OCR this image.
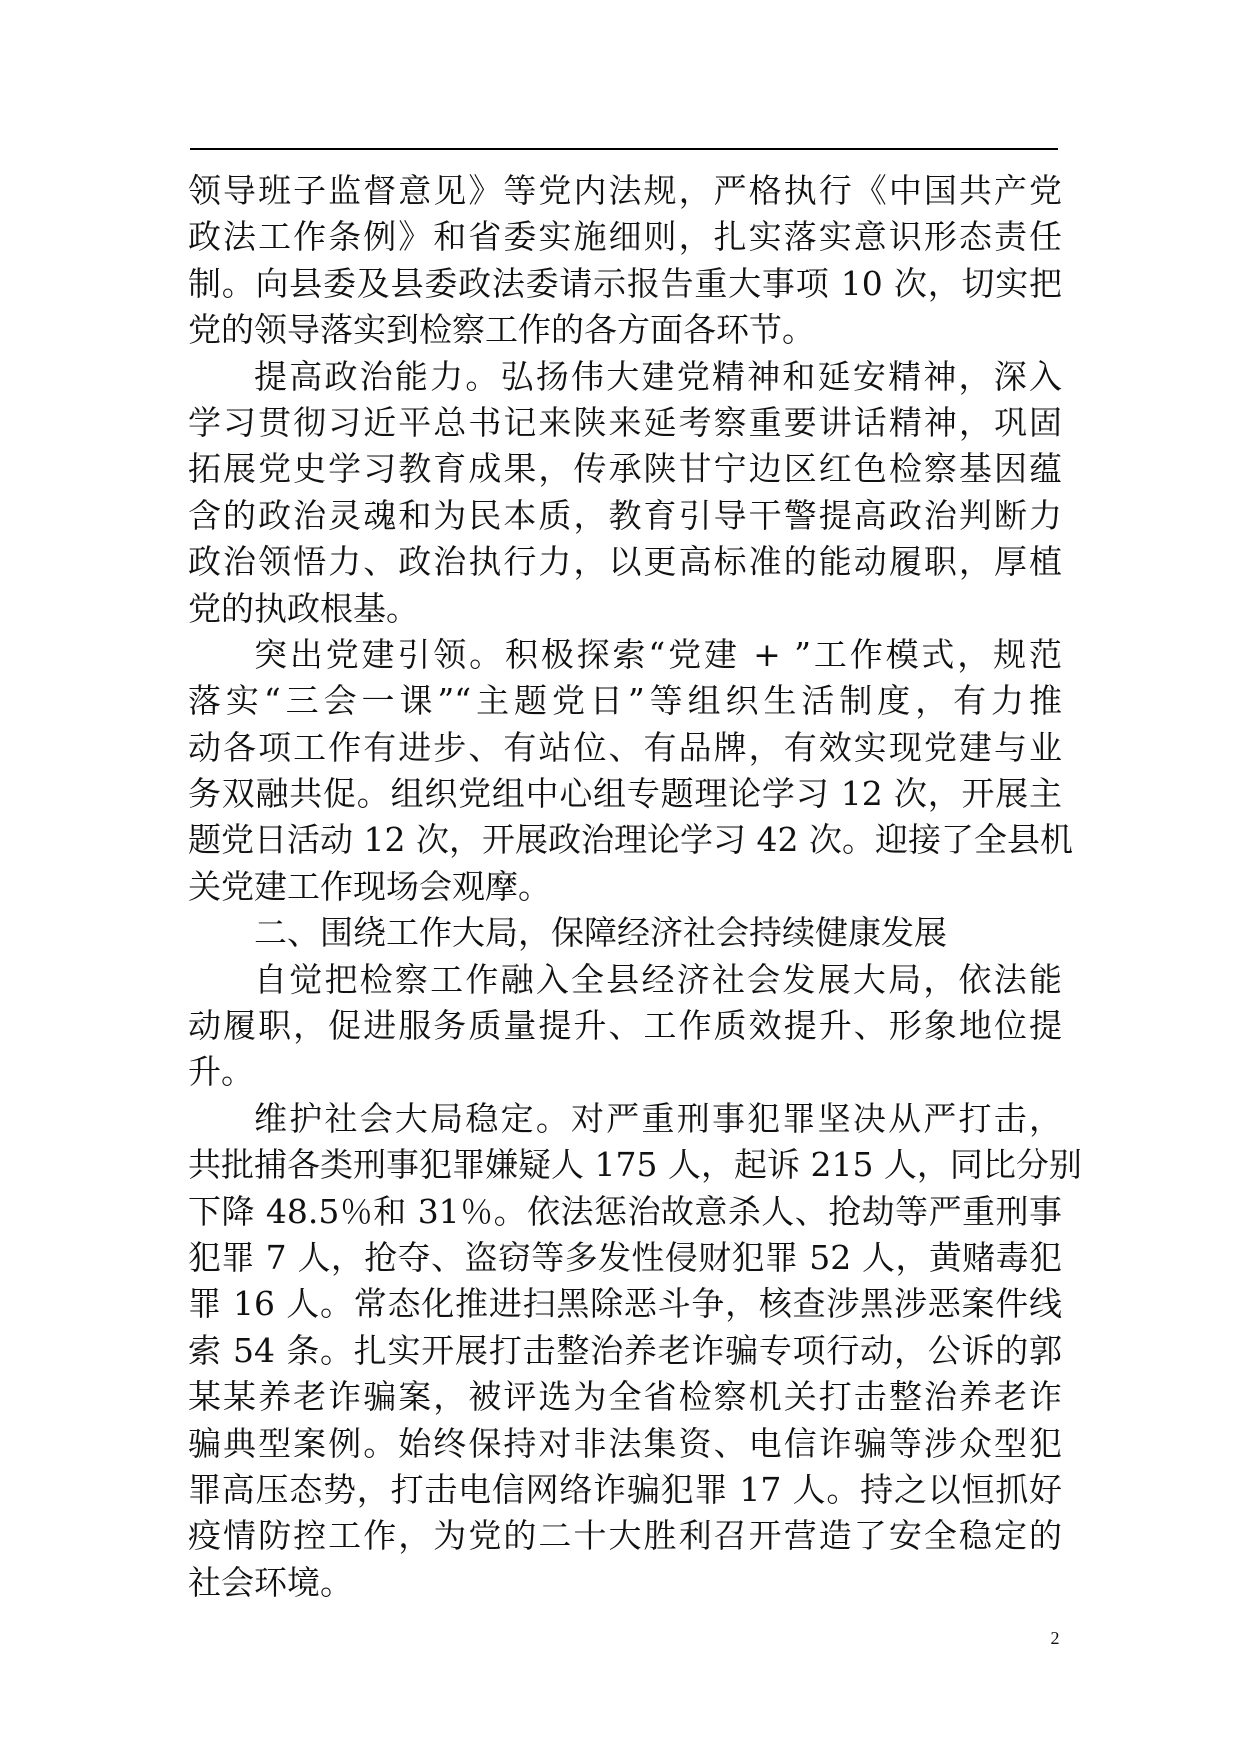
领导班子监督意见》等党内法规，严格执行《中国共产党
政法工作条例》和省委实施细则，扎实落实意识形态责任
制。向县委及县委政法委请示报告重大事项 10 次，切实把
党的领导落实到检察工作的各方面各环节。
提高政治能力。弘扬伟大建党精神和延安精神，深入
学习贯彻习近平总书记来陕来延考察重要讲话精神，巩固
拓展党史学习教育成果，传承陕甘宁边区红色检察基因蕴
含的政治灵魂和为民本质，教育引导干警提高政治判断力
政治领悟力、政治执行力，以更高标准的能动履职，厚植
党的执政根基。
突出党建引领。积极探索“党建 + ”工作模式，规范
落实“三会一课”“主题党日”等组织生活制度，有力推
动各项工作有进步、有站位、有品牌，有效实现党建与业
务双融共促。组织党组中心组专题理论学习 12 次，开展主
题党日活动 12 次，开展政治理论学习 42 次。迎接了全县机
关党建工作现场会观摩。
二、围绕工作大局，保障经济社会持续健康发展
自觉把检察工作融入全县经济社会发展大局，依法能
动履职，促进服务质量提升、工作质效提升、形象地位提
升。
维护社会大局稳定。对严重刑事犯罪坚决从严打击，
共批捕各类刑事犯罪嫌疑人 175 人，起诉 215 人，同比分别
下降 48.5％和 31％。依法惩治故意杀人、抢劫等严重刑事
犯罪 7 人，抢夺、盗窃等多发性侵财犯罪 52 人，黄赌毒犯
罪 16 人。常态化推进扫黑除恶斗争，核查涉黑涉恶案件线
索 54 条。扎实开展打击整治养老诈骗专项行动，公诉的郭
某某养老诈骗案，被评选为全省检察机关打击整治养老诈
骗典型案例。始终保持对非法集资、电信诈骗等涉众型犯
罪高压态势，打击电信网络诈骗犯罪 17 人。持之以恒抓好
疫情防控工作，为党的二十大胜利召开营造了安全稳定的
社会环境。
2
